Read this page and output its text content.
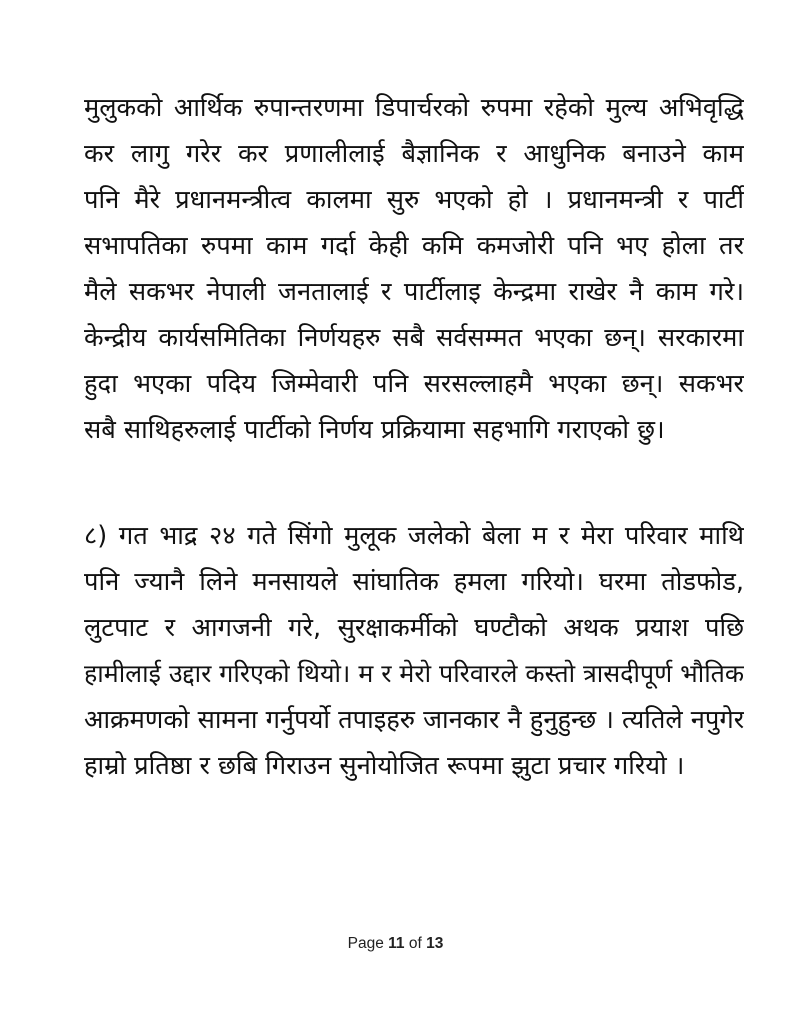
मुलुकको आर्थिक रुपान्तरणमा डिपार्चरको रुपमा रहेको मुल्य अभिवृद्धि
कर लागु गरेर कर प्रणालीलाई बैज्ञानिक र आधुनिक बनाउने काम
पनि मैरे प्रधानमन्त्रीत्व कालमा सुरु भएको हो । प्रधानमन्त्री र पार्टी
सभापतिका रुपमा काम गर्दा केही कमि कमजोरी पनि भए होला तर
मैले सकभर नेपाली जनतालाई र पार्टीलाइ केन्द्रमा राखेर नै काम गरे।
केन्द्रीय कार्यसमितिका निर्णयहरु सबै सर्वसम्मत भएका छन्। सरकारमा
हुदा भएका पदिय जिम्मेवारी पनि सरसल्लाहमै भएका छन्। सकभर
सबै साथिहरुलाई पार्टीको निर्णय प्रक्रियामा सहभागि गराएको छु।
८) गत भाद्र २४ गते सिंगो मुलूक जलेको बेला म र मेरा परिवार माथि
पनि ज्यानै लिने मनसायले सांघातिक हमला गरियो। घरमा तोडफोड,
लुटपाट र आगजनी गरे, सुरक्षाकर्मीको घण्टौको अथक प्रयाश पछि
हामीलाई उद्दार गरिएको थियो। म र मेरो परिवारले कस्तो त्रासदीपूर्ण भौतिक
आक्रमणको सामना गर्नुपर्यो तपाइहरु जानकार नै हुनुहुन्छ । त्यतिले नपुगेर
हाम्रो प्रतिष्ठा र छबि गिराउन सुनोयोजित रूपमा झुटा प्रचार गरियो ।
Page 11 of 13
